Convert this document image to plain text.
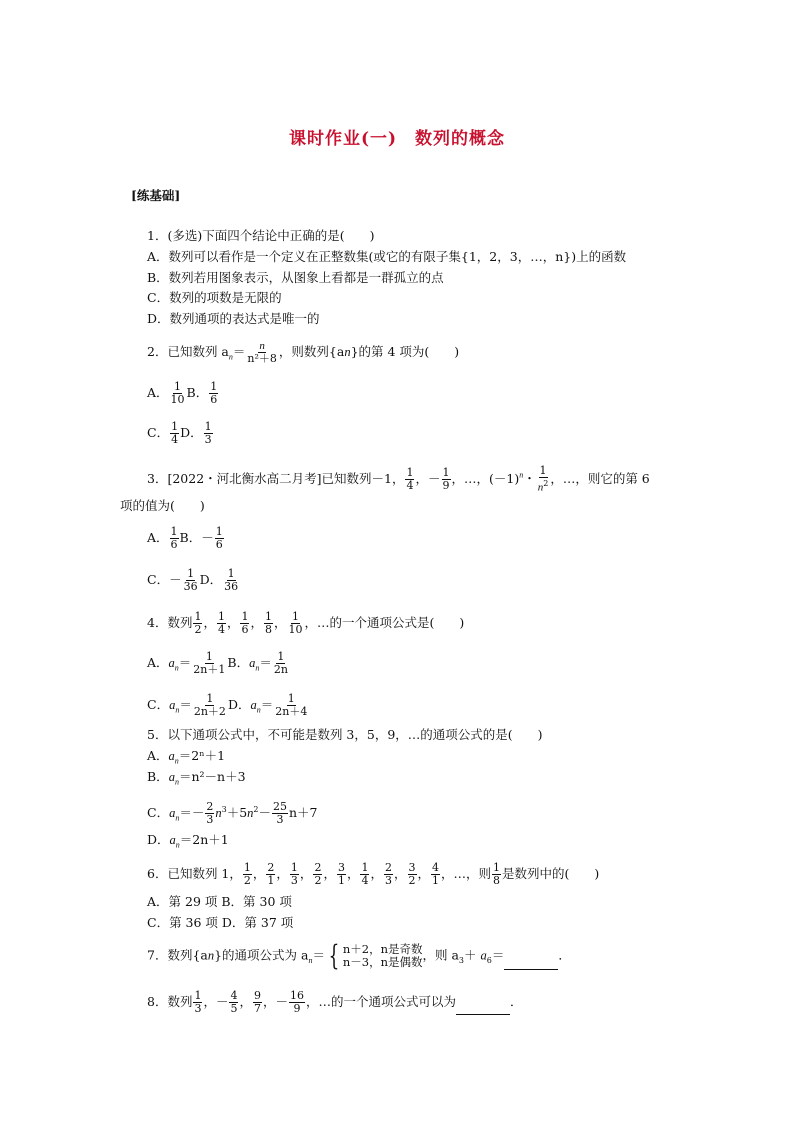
课时作业(一)　数列的概念
[练基础]
1．(多选)下面四个结论中正确的是(　　)
A．数列可以看作是一个定义在正整数集(或它的有限子集{1，2，3，…，n})上的函数
B．数列若用图象表示，从图象上看都是一群孤立的点
C．数列的项数是无限的
D．数列通项的表达式是唯一的
2．已知数列 $a_n= \frac{n}{\text{n²＋8}}$ ，则数列{an}的第 4 项为(　　)
A． $\frac{1}{10}$ B． $\frac{1}{6}$
C． $\frac{1}{4}$ D． $\frac{1}{3}$
3．[2022・河北衡水高二月考]已知数列－1， $\frac{1}{4}$ ，－ $\frac{1}{9}$ ，…，$(-1)^n$・ $\frac{1}{n^2}$ ，…，则它的第 6
项的值为(　　)
A． $\frac{1}{6}$ B．－ $\frac{1}{6}$
C．－ $\frac{1}{36}$ D． $\frac{1}{36}$
4．数列 $\frac{1}{2}$ ， $\frac{1}{4}$ ， $\frac{1}{6}$ ， $\frac{1}{8}$ ， $\frac{1}{10}$ ，…的一个通项公式是(　　)
A．$a_n= \frac{1}{2n+1}$ B．$a_n= \frac{1}{2n}$
C．$a_n= \frac{1}{2n+2}$ D．$a_n= \frac{1}{2n+4}$
5．以下通项公式中，不可能是数列 3，5，9，…的通项公式的是(　　)
A．$a_n=2^n+1$
B．$a_n=n^2-n+3$
C．$a_n=- \frac{2}{3} n^3+5n^2- \frac{25}{3} n+7$
D．$a_n=2n+1$
6．已知数列 1， $\frac{1}{2}$ ， $\frac{2}{1}$ ， $\frac{1}{3}$ ， $\frac{2}{2}$ ， $\frac{3}{1}$ ， $\frac{1}{4}$ ， $\frac{2}{3}$ ， $\frac{3}{2}$ ， $\frac{4}{1}$ ，…，则 $\frac{1}{8}$ 是数列中的(　　)
A．第 29 项 B．第 30 项
C．第 36 项 D．第 37 项
7．数列{an}的通项公式为 $a_n=$ { n＋2，n是奇数
n－3，n是偶数 ，则 $a_3+ a_6=$	．
8．数列 $\frac{1}{3}$ ，－ $\frac{4}{5}$ ， $\frac{9}{7}$ ，－ $\frac{16}{9}$ ，…的一个通项公式可以为	．
